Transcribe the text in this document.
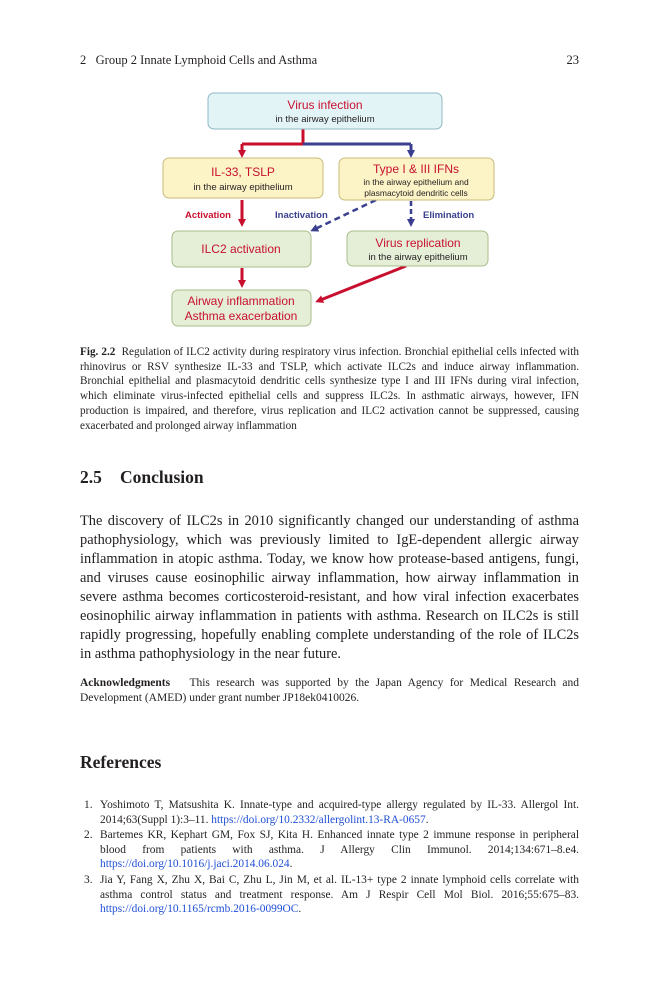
2   Group 2 Innate Lymphoid Cells and Asthma	23
Virus infection
in the airway epithelium
IL-33, TSLP
in the airway epithelium
Type I & III IFNs
in the airway epithelium and
plasmacytoid dendritic cells
Activation	Inactivation	Elimination
ILC2 activation	Virus replication
in the airway epithelium
Airway inflammation
Asthma exacerbation

Fig. 2.2 Regulation of ILC2 activity during respiratory virus infection. Bronchial epithelial cells infected with rhinovirus or RSV synthesize IL-33 and TSLP, which activate ILC2s and induce airway inflammation. Bronchial epithelial and plasmacytoid dendritic cells synthesize type I and III IFNs during viral infection, which eliminate virus-infected epithelial cells and suppress ILC2s. In asthmatic airways, however, IFN production is impaired, and therefore, virus replication and ILC2 activation cannot be suppressed, causing exacerbated and prolonged airway inflammation

2.5 Conclusion

The discovery of ILC2s in 2010 significantly changed our understanding of asthma pathophysiology, which was previously limited to IgE-dependent allergic airway inflammation in atopic asthma. Today, we know how protease-based antigens, fungi, and viruses cause eosinophilic airway inflammation, how airway inflammation in severe asthma becomes corticosteroid-resistant, and how viral infection exacerbates eosinophilic airway inflammation in patients with asthma. Research on ILC2s is still rapidly progressing, hopefully enabling complete understanding of the role of ILC2s in asthma pathophysiology in the near future.

Acknowledgments This research was supported by the Japan Agency for Medical Research and Development (AMED) under grant number JP18ek0410026.

References
1. Yoshimoto T, Matsushita K. Innate-type and acquired-type allergy regulated by IL-33. Allergol Int. 2014;63(Suppl 1):3–11. https://doi.org/10.2332/allergolint.13-RA-0657.
2. Bartemes KR, Kephart GM, Fox SJ, Kita H. Enhanced innate type 2 immune response in peripheral blood from patients with asthma. J Allergy Clin Immunol. 2014;134:671–8.e4. https://doi.org/10.1016/j.jaci.2014.06.024.
3. Jia Y, Fang X, Zhu X, Bai C, Zhu L, Jin M, et al. IL-13+ type 2 innate lymphoid cells correlate with asthma control status and treatment response. Am J Respir Cell Mol Biol. 2016;55:675–83. https://doi.org/10.1165/rcmb.2016-0099OC.
